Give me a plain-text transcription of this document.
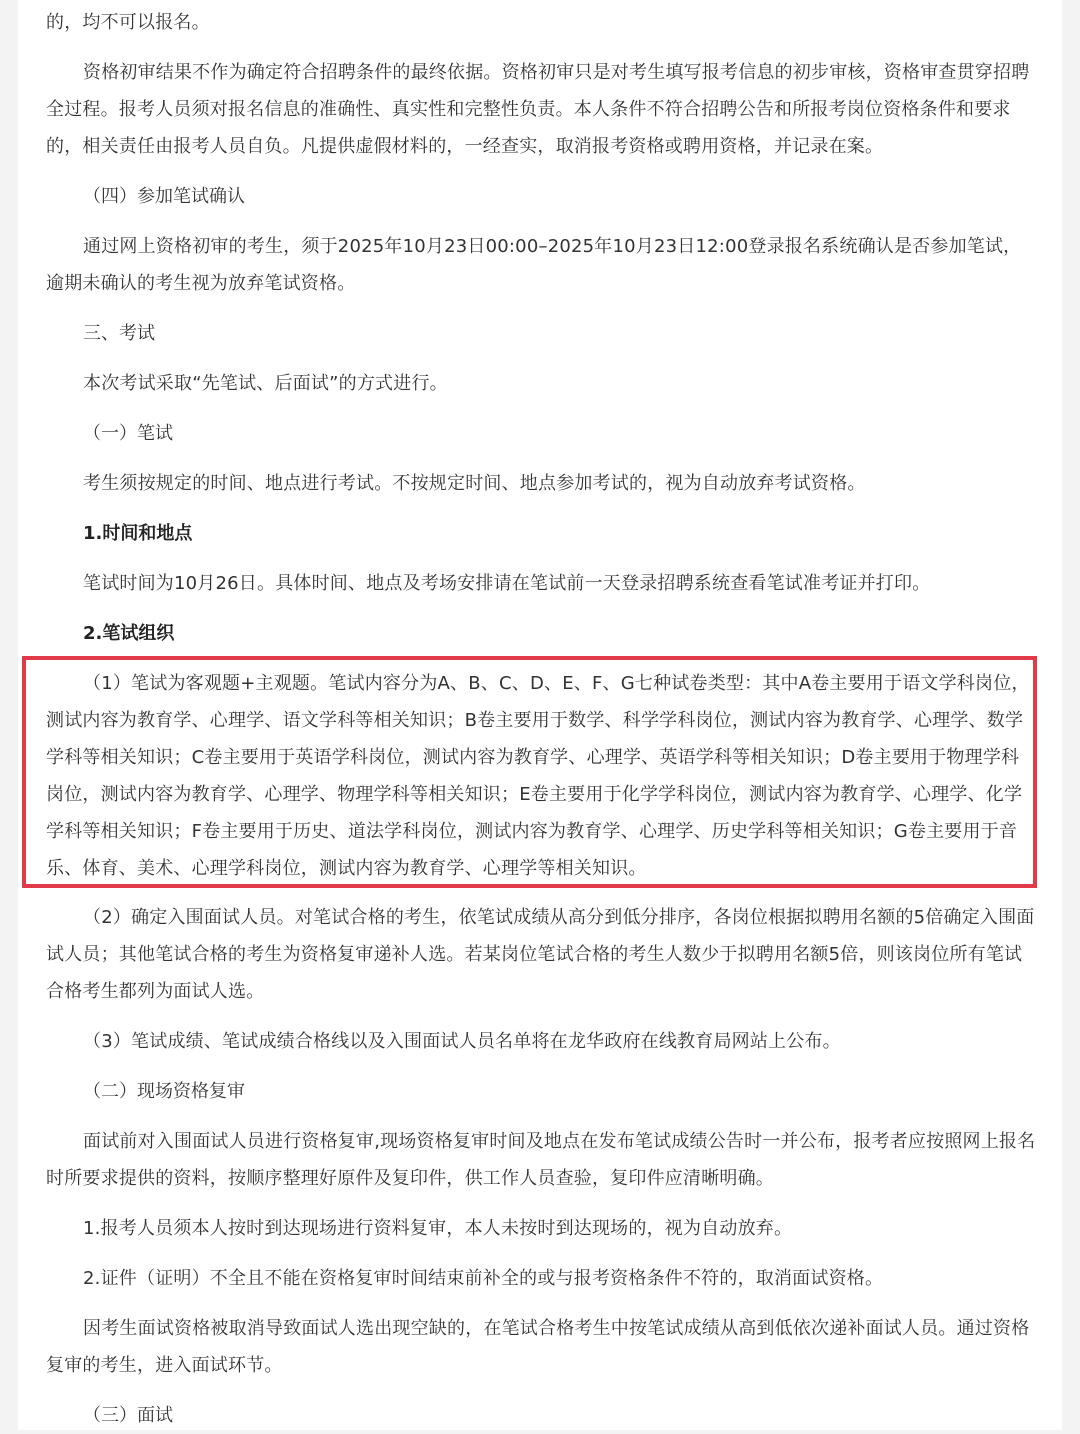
的，均不可以报名。

资格初审结果不作为确定符合招聘条件的最终依据。资格初审只是对考生填写报考信息的初步审核，资格审查贯穿招聘全过程。报考人员须对报名信息的准确性、真实性和完整性负责。本人条件不符合招聘公告和所报考岗位资格条件和要求的，相关责任由报考人员自负。凡提供虚假材料的，一经查实，取消报考资格或聘用资格，并记录在案。

（四）参加笔试确认

通过网上资格初审的考生，须于2025年10月23日00:00–2025年10月23日12:00登录报名系统确认是否参加笔试，逾期未确认的考生视为放弃笔试资格。

三、考试

本次考试采取“先笔试、后面试”的方式进行。

（一）笔试

考生须按规定的时间、地点进行考试。不按规定时间、地点参加考试的，视为自动放弃考试资格。

1.时间和地点

笔试时间为10月26日。具体时间、地点及考场安排请在笔试前一天登录招聘系统查看笔试准考证并打印。

2.笔试组织

（1）笔试为客观题+主观题。笔试内容分为A、B、C、D、E、F、G七种试卷类型：其中A卷主要用于语文学科岗位，测试内容为教育学、心理学、语文学科等相关知识；B卷主要用于数学、科学学科岗位，测试内容为教育学、心理学、数学学科等相关知识；C卷主要用于英语学科岗位，测试内容为教育学、心理学、英语学科等相关知识；D卷主要用于物理学科岗位，测试内容为教育学、心理学、物理学科等相关知识；E卷主要用于化学学科岗位，测试内容为教育学、心理学、化学学科等相关知识；F卷主要用于历史、道法学科岗位，测试内容为教育学、心理学、历史学科等相关知识；G卷主要用于音乐、体育、美术、心理学科岗位，测试内容为教育学、心理学等相关知识。

（2）确定入围面试人员。对笔试合格的考生，依笔试成绩从高分到低分排序，各岗位根据拟聘用名额的5倍确定入围面试人员；其他笔试合格的考生为资格复审递补人选。若某岗位笔试合格的考生人数少于拟聘用名额5倍，则该岗位所有笔试合格考生都列为面试人选。

（3）笔试成绩、笔试成绩合格线以及入围面试人员名单将在龙华政府在线教育局网站上公布。

（二）现场资格复审

面试前对入围面试人员进行资格复审,现场资格复审时间及地点在发布笔试成绩公告时一并公布，报考者应按照网上报名时所要求提供的资料，按顺序整理好原件及复印件，供工作人员查验，复印件应清晰明确。

1.报考人员须本人按时到达现场进行资料复审，本人未按时到达现场的，视为自动放弃。

2.证件（证明）不全且不能在资格复审时间结束前补全的或与报考资格条件不符的，取消面试资格。

因考生面试资格被取消导致面试人选出现空缺的，在笔试合格考生中按笔试成绩从高到低依次递补面试人员。通过资格复审的考生，进入面试环节。

（三）面试
